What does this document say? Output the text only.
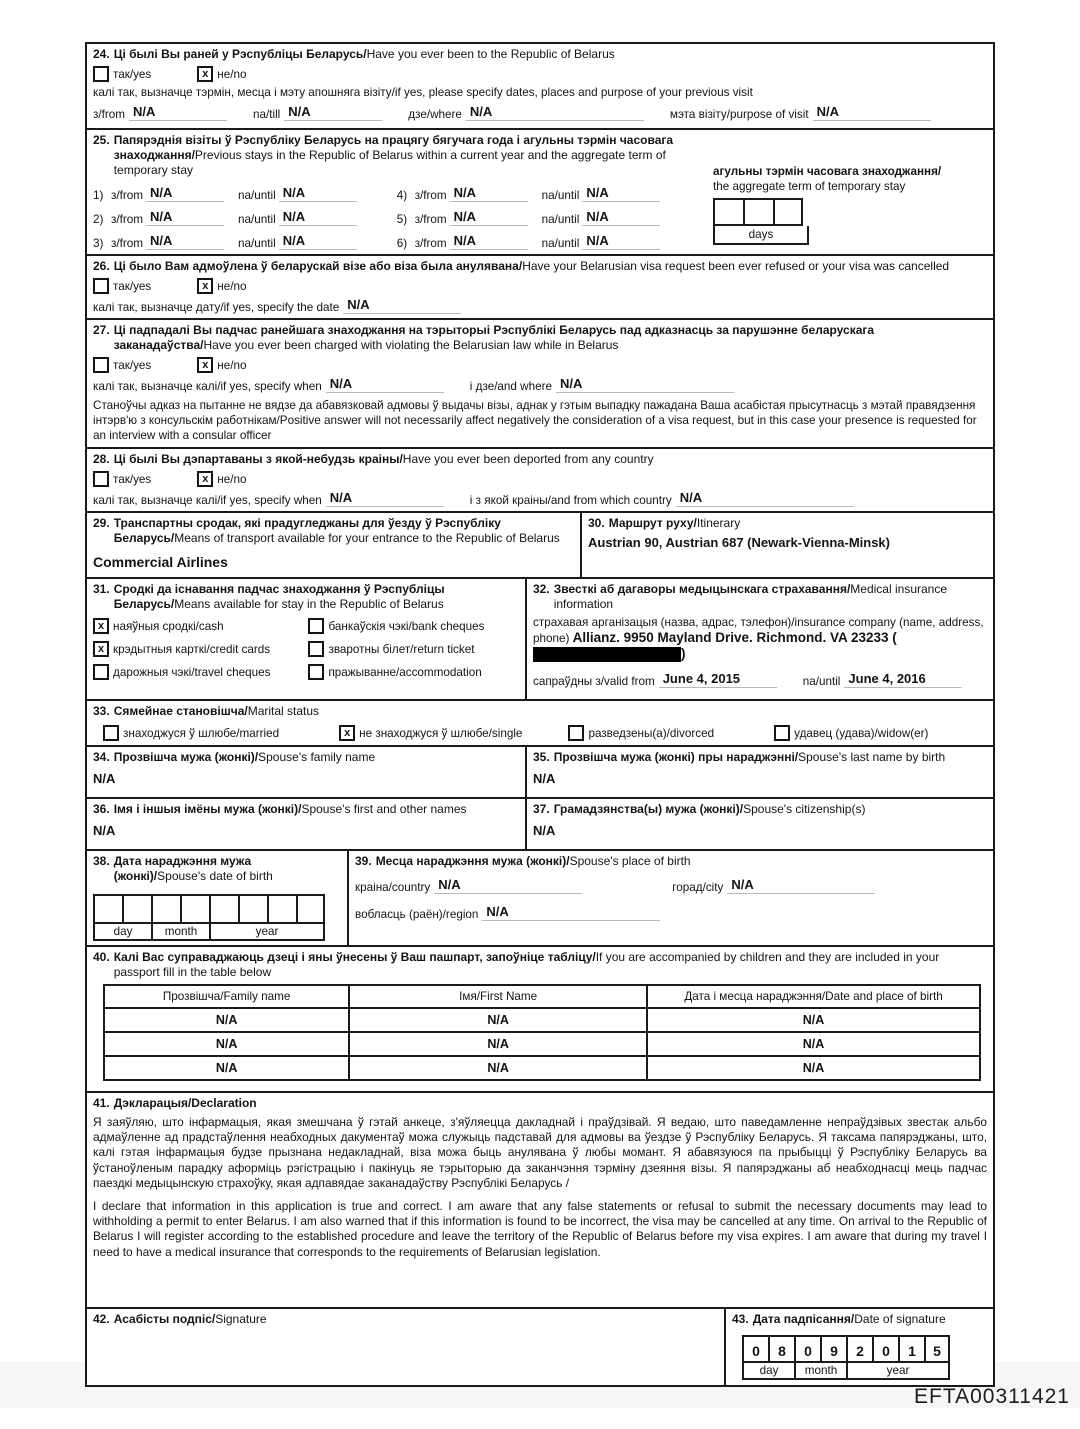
24. Ці былі Вы раней у Рэспубліцы Беларусь/Have you ever been to the Republic of Belarus
так/yes	x не/no
калі так, вызначце тэрмін, месца і мэту апошняга візіту/if yes, please specify dates, places and purpose of your previous visit
з/from N/A	na/till N/A	дзе/where N/A	мэта візіту/purpose of visit N/A
25. Папярэднія візіты ў Рэспубліку Беларусь на працягу бягучага года і агульны тэрмін часовага знаходжання/Previous stays in the Republic of Belarus within a current year and the aggregate term of temporary stay
1) з/from N/A	na/until N/A	4) з/from N/A	na/until N/A
2) з/from N/A	na/until N/A	5) з/from N/A	na/until N/A
3) з/from N/A	na/until N/A	6) з/from N/A	na/until N/A
агульны тэрмін часовага знаходжання/
the aggregate term of temporary stay
days
26. Ці было Вам адмоўлена ў беларускай візе або віза была анулявана/Have your Belarusian visa request been ever refused or your visa was cancelled
так/yes	x не/no
калі так, вызначце дату/if yes, specify the date N/A
27. Ці падпадалі Вы падчас ранейшага знаходжання на тэрыторыі Рэспублікі Беларусь пад адказнасць за парушэнне беларускага заканадаўства/Have you ever been charged with violating the Belarusian law while in Belarus
так/yes	x не/no
калі так, вызначце калі/if yes, specify when N/A	і дзе/and where N/A
Станоўчы адказ на пытанне не вядзе да абавязковай адмовы ў выдачы візы, аднак у гэтым выпадку пажадана Ваша асабістая прысутнасць з мэтай правядзення інтэрв'ю з консульскім работнікам/Positive answer will not necessarily affect negatively the consideration of a visa request, but in this case your presence is requested for an interview with a consular officer
28. Ці былі Вы дэпартаваны з якой-небудзь краіны/Have you ever been deported from any country
так/yes	x не/no
калі так, вызначце калі/if yes, specify when N/A	і з якой краіны/and from which country N/A
29. Транспартны сродак, які прадугледжаны для ўезду ў Рэспубліку Беларусь/Means of transport available for your entrance to the Republic of Belarus
Commercial Airlines
30. Маршрут руху/Itinerary
Austrian 90, Austrian 687 (Newark-Vienna-Minsk)
31. Сродкі да існавання падчас знаходжання ў Рэспубліцы Беларусь/Means available for stay in the Republic of Belarus
x наяўныя сродкі/cash
x крэдытныя карткі/credit cards
дарожныя чэкі/travel cheques
банкаўскія чэкі/bank cheques
зваротны білет/return ticket
пражыванне/accommodation
32. Звесткі аб дагаворы медыцынскага страхавання/Medical insurance information
страхавая арганізацыя (назва, адрас, тэлефон)/insurance company (name, address, phone) Allianz. 9950 Mayland Drive. Richmond. VA 23233 ()
сапраўдны з/valid from June 4, 2015	na/until June 4, 2016
33. Сямейнае становішча/Marital status
знаходжуся ў шлюбе/married	x не знаходжуся ў шлюбе/single	разведзены(а)/divorced	удавец (удава)/widow(er)
34. Прозвішча мужа (жонкі)/Spouse's family name
N/A
35. Прозвішча мужа (жонкі) пры нараджэнні/Spouse's last name by birth
N/A
36. Імя і іншыя імёны мужа (жонкі)/Spouse's first and other names
N/A
37. Грамадзянства(ы) мужа (жонкі)/Spouse's citizenship(s)
N/A
38. Дата нараджэння мужа (жонкі)/Spouse's date of birth
day	month	year
39. Месца нараджэння мужа (жонкі)/Spouse's place of birth
краіна/country N/A	горад/city N/A
вобласць (раён)/region N/A
40. Калі Вас суправаджаюць дзеці і яны ўнесены ў Ваш пашпарт, запоўніце табліцу/If you are accompanied by children and they are included in your passport fill in the table below
Прозвішча/Family name	Імя/First Name	Дата і месца нараджэння/Date and place of birth
N/A	N/A	N/A
N/A	N/A	N/A
N/A	N/A	N/A
41. Дэкларацыя/Declaration

Я заяўляю, што інфармацыя, якая змешчана ў гэтай анкеце, з'яўляецца дакладнай і праўдзівай. Я ведаю, што паведамленне непраўдзівых звестак альбо адмаўленне ад прадстаўлення неабходных дакументаў можа служыць падставай для адмовы ва ўездзе ў Рэспубліку Беларусь. Я таксама папярэджаны, што, калі гэтая інфармацыя будзе прызнана недакладнай, віза можа быць анулявана ў любы момант. Я абавязуюся па прыбыцці ў Рэспубліку Беларусь ва ўстаноўленым парадку аформіць рэгістрацыю і пакінуць яе тэрыторыю да заканчэння тэрміну дзеяння візы. Я папярэджаны аб неабходнасці мець падчас паездкі медыцынскую страхоўку, якая адпавядае заканадаўству Рэспублікі Беларусь /

I declare that information in this application is true and correct. I am aware that any false statements or refusal to submit the necessary documents may lead to withholding a permit to enter Belarus. I am also warned that if this information is found to be incorrect, the visa may be cancelled at any time. On arrival to the Republic of Belarus I will register according to the established procedure and leave the territory of the Republic of Belarus before my visa expires. I am aware that during my travel I need to have a medical insurance that corresponds to the requirements of Belarusian legislation.

42. Асабісты подпіс/Signature	43. Дата падпісання/Date of signature
0	8	0	9	2	0	1	5
day	month	year
EFTA00311421
